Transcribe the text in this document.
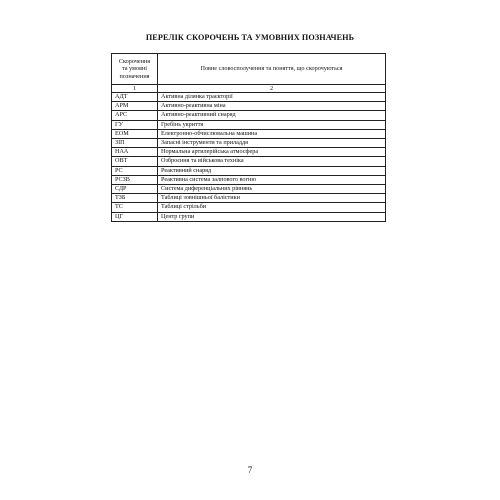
ПЕРЕЛІК СКОРОЧЕНЬ ТА УМОВНИХ ПОЗНАЧЕНЬ
Скорочення
та умовні
позначення	Повне словосполучення та поняття, що скорочуються
1	2
АДТ	Активна ділянка траєкторії
АРМ	Активно-реактивна міна
АРС	Активно-реактивний снаряд
ГУ	Гребінь укриття
ЕОМ	Електронно-обчислювальна машина
ЗІП	Запасні інструменти та приладдя
НАА	Нормальна артилерійська атмосфера
ОВТ	Озброєння та військова техніка
РС	Реактивний снаряд
РСЗВ	Реактивна система залпового вогню
СДР	Система диференціальних рівнянь
ТЗБ	Таблиці зовнішньої балістики
ТС	Таблиці стрільби
ЦГ	Центр групи
7
